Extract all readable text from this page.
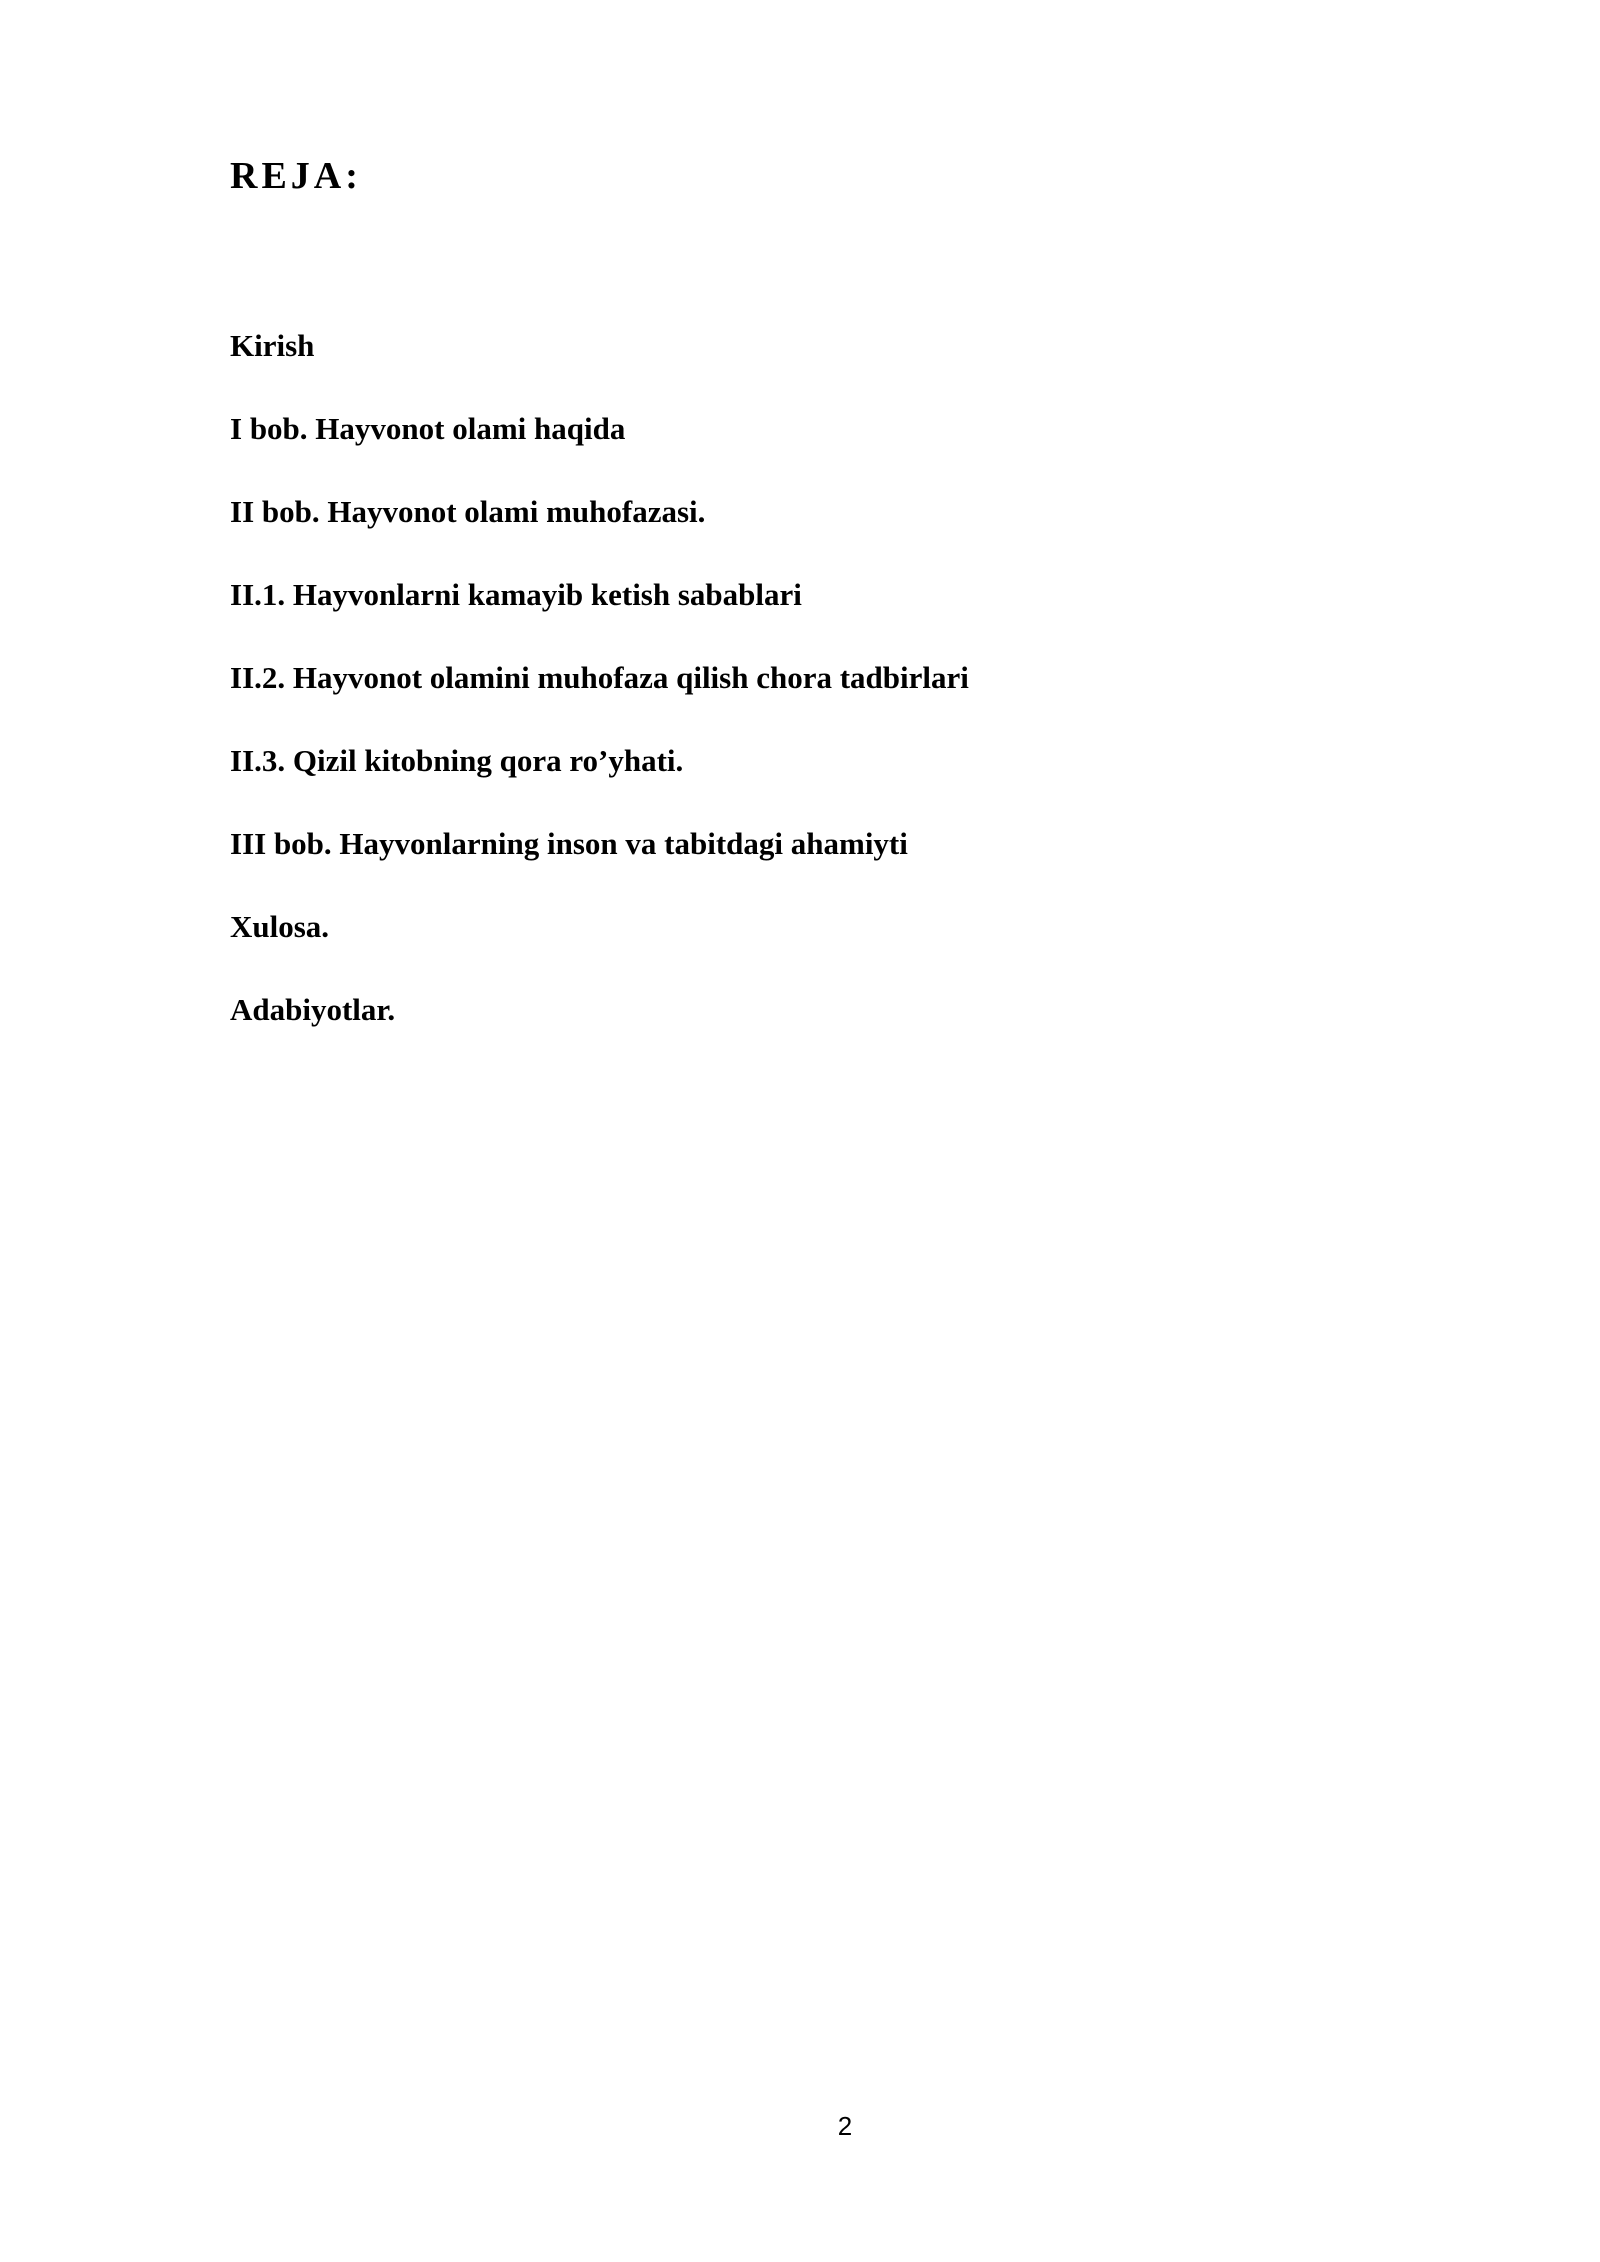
REJA:
Kirish
I bob. Hayvonot olami haqida
II bob. Hayvonot olami muhofazasi.
II.1. Hayvonlarni kamayib ketish sabablari
II.2. Hayvonot olamini muhofaza qilish chora tadbirlari
II.3. Qizil kitobning qora ro’yhati.
III bob. Hayvonlarning inson va tabitdagi ahamiyti
Xulosa.
Adabiyotlar.
2
